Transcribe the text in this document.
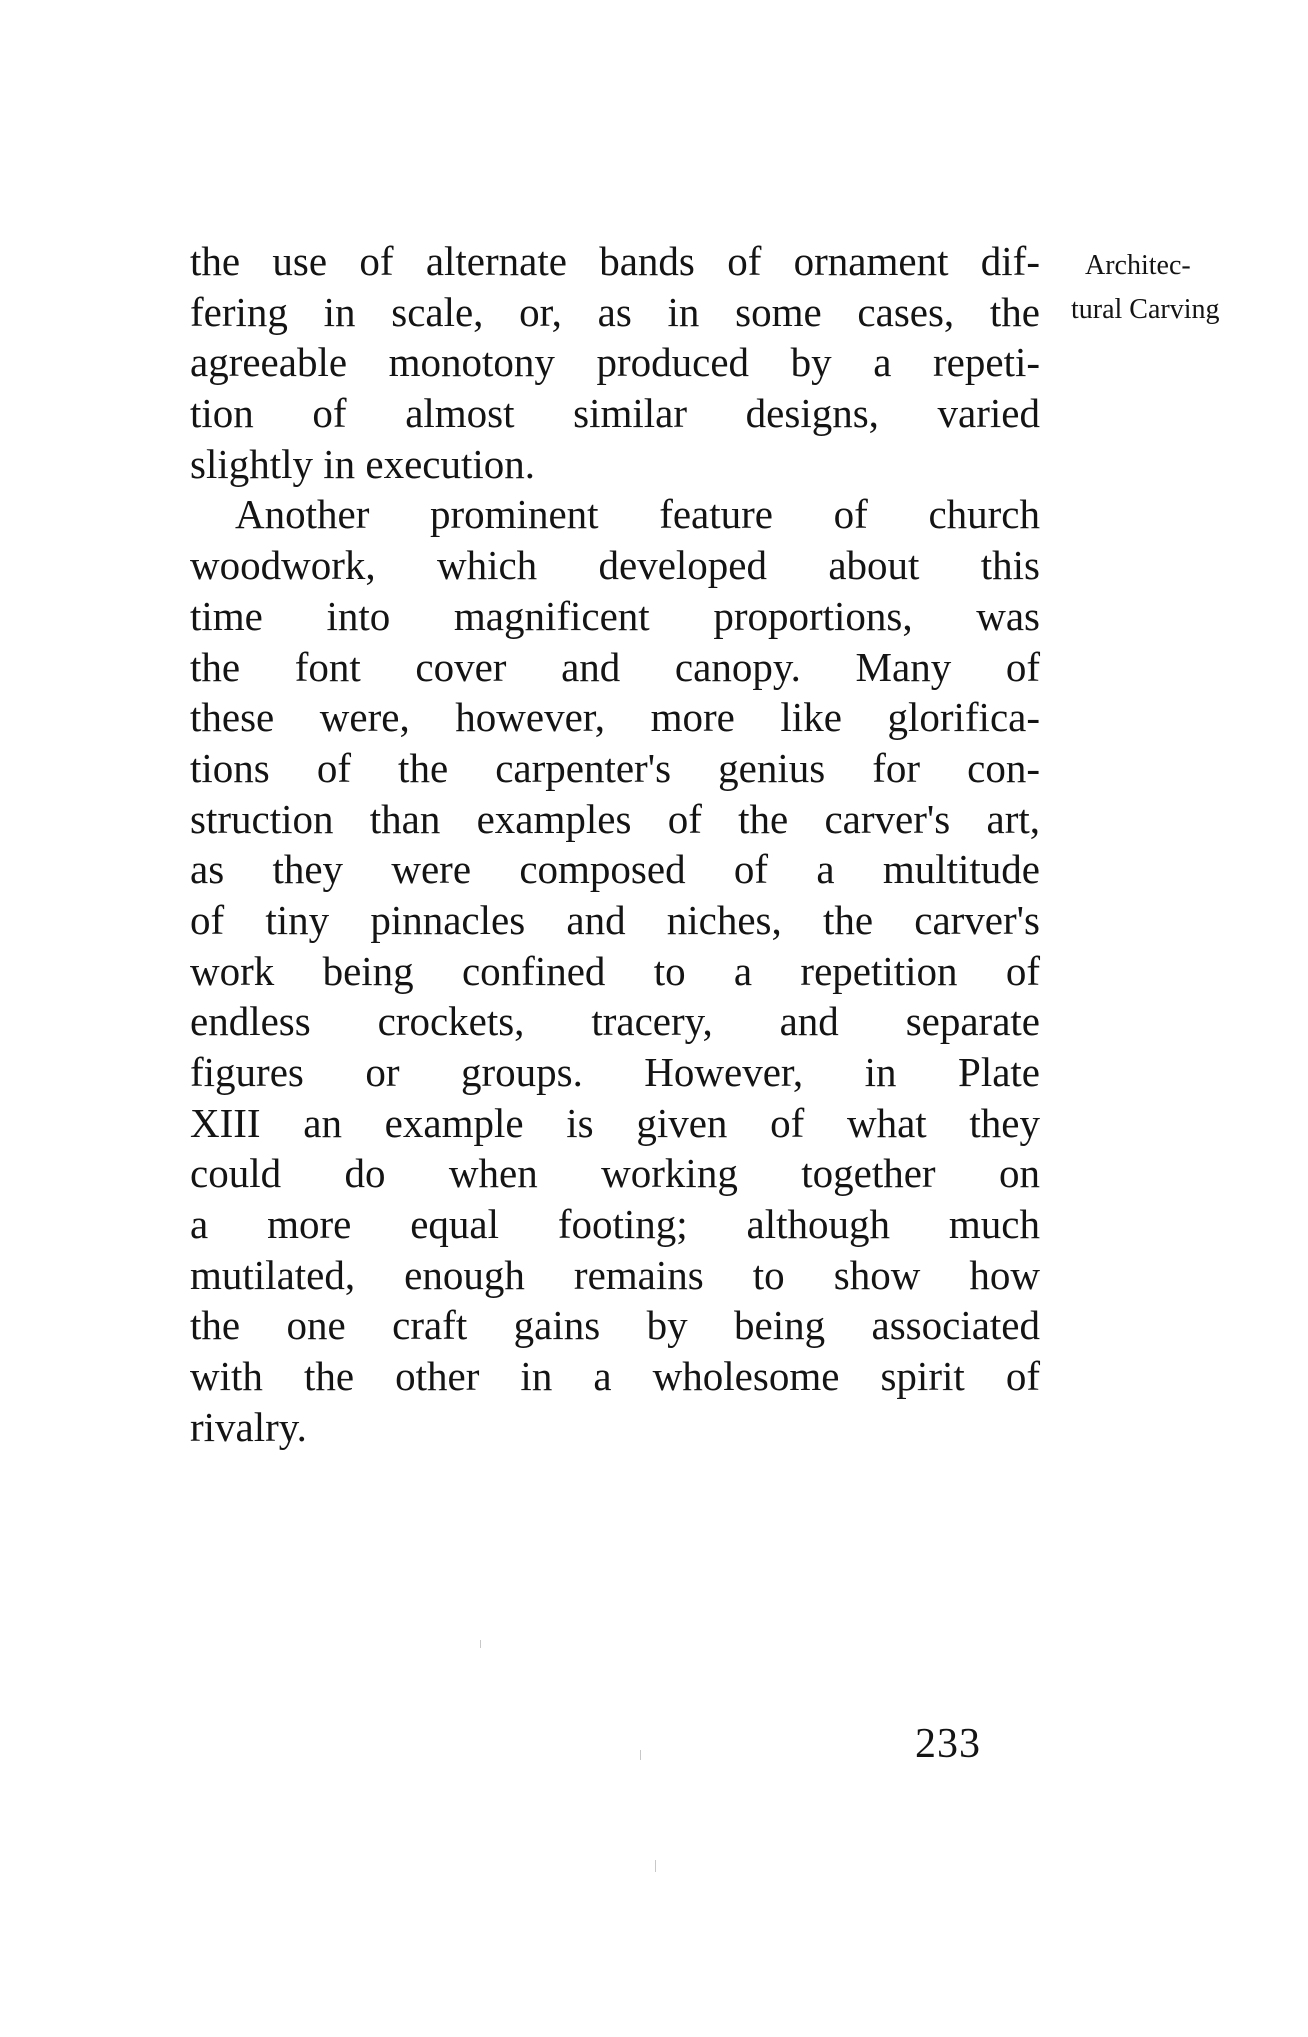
Architec-
tural Carving
the use of alternate bands of ornament dif-
fering in scale, or, as in some cases, the
agreeable monotony produced by a repeti-
tion of almost similar designs, varied
slightly in execution.
Another prominent feature of church
woodwork, which developed about this
time into magnificent proportions, was
the font cover and canopy. Many of
these were, however, more like glorifica-
tions of the carpenter's genius for con-
struction than examples of the carver's art,
as they were composed of a multitude
of tiny pinnacles and niches, the carver's
work being confined to a repetition of
endless crockets, tracery, and separate
figures or groups. However, in Plate
XIII an example is given of what they
could do when working together on
a more equal footing; although much
mutilated, enough remains to show how
the one craft gains by being associated
with the other in a wholesome spirit of
rivalry.
233
